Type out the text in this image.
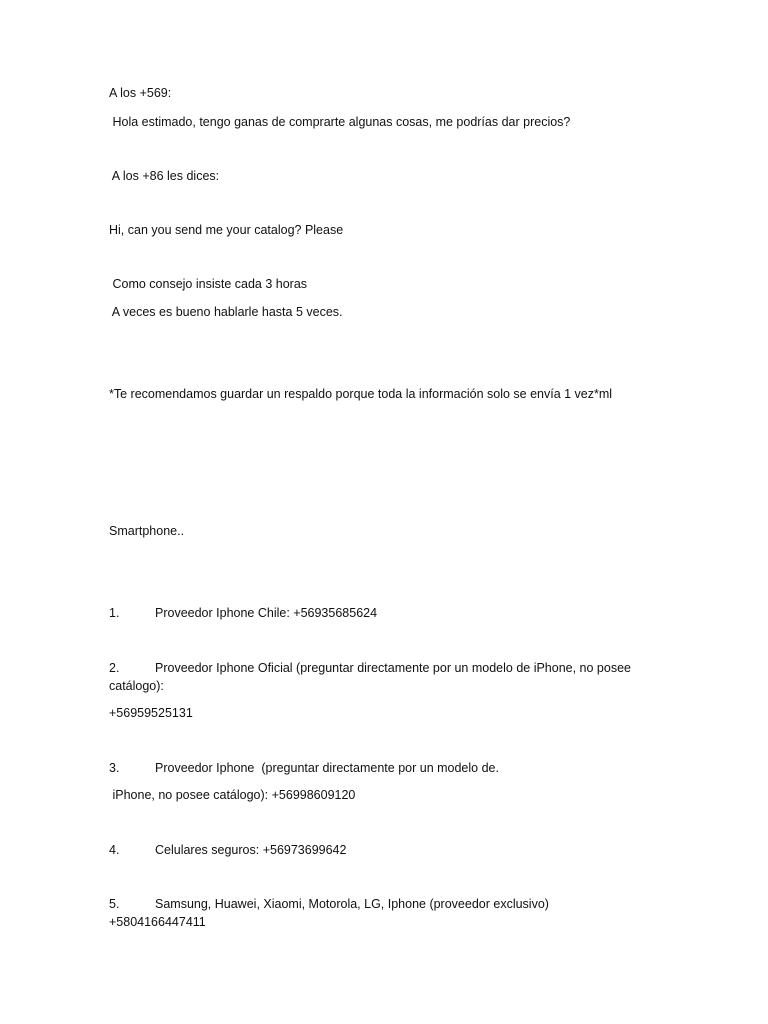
A los +569:
Hola estimado, tengo ganas de comprarte algunas cosas, me podrías dar precios?
A los +86 les dices:
Hi, can you send me your catalog? Please
Como consejo insiste cada 3 horas
A veces es bueno hablarle hasta 5 veces.
*Te recomendamos guardar un respaldo porque toda la información solo se envía 1 vez*ml
Smartphone..
1.	Proveedor Iphone Chile: +56935685624
2.	Proveedor Iphone Oficial (preguntar directamente por un modelo de iPhone, no posee catálogo):
+56959525131
3.	Proveedor Iphone  (preguntar directamente por un modelo de.
iPhone, no posee catálogo): +56998609120
4.	Celulares seguros: +56973699642
5.	Samsung, Huawei, Xiaomi, Motorola, LG, Iphone (proveedor exclusivo)
+5804166447411
